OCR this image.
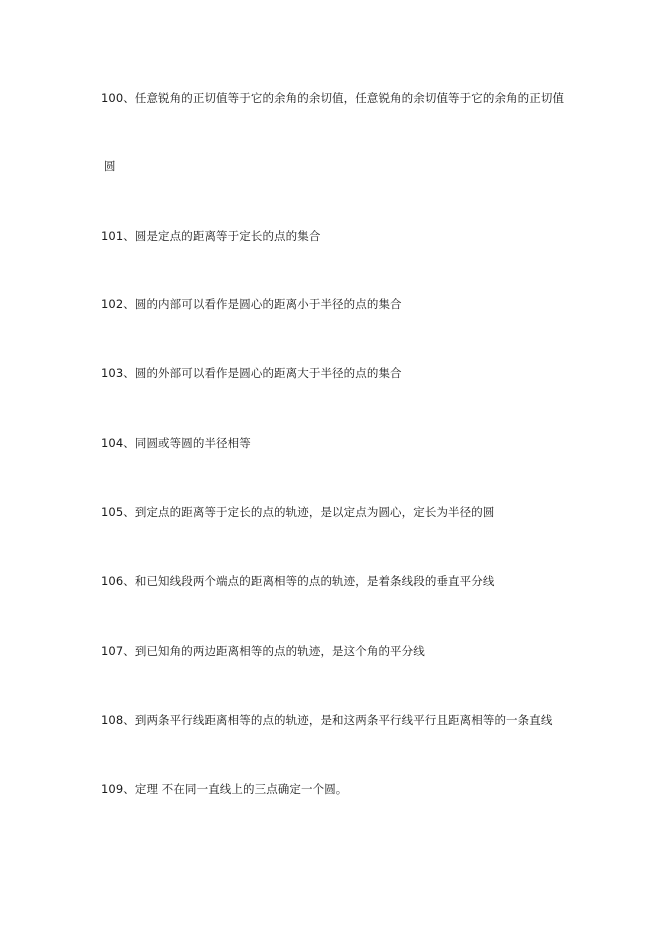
100、任意锐角的正切值等于它的余角的余切值，任意锐角的余切值等于它的余角的正切值
圆
101、圆是定点的距离等于定长的点的集合
102、圆的内部可以看作是圆心的距离小于半径的点的集合
103、圆的外部可以看作是圆心的距离大于半径的点的集合
104、同圆或等圆的半径相等
105、到定点的距离等于定长的点的轨迹，是以定点为圆心，定长为半径的圆
106、和已知线段两个端点的距离相等的点的轨迹，是着条线段的垂直平分线
107、到已知角的两边距离相等的点的轨迹，是这个角的平分线
108、到两条平行线距离相等的点的轨迹，是和这两条平行线平行且距离相等的一条直线
109、定理 不在同一直线上的三点确定一个圆。
